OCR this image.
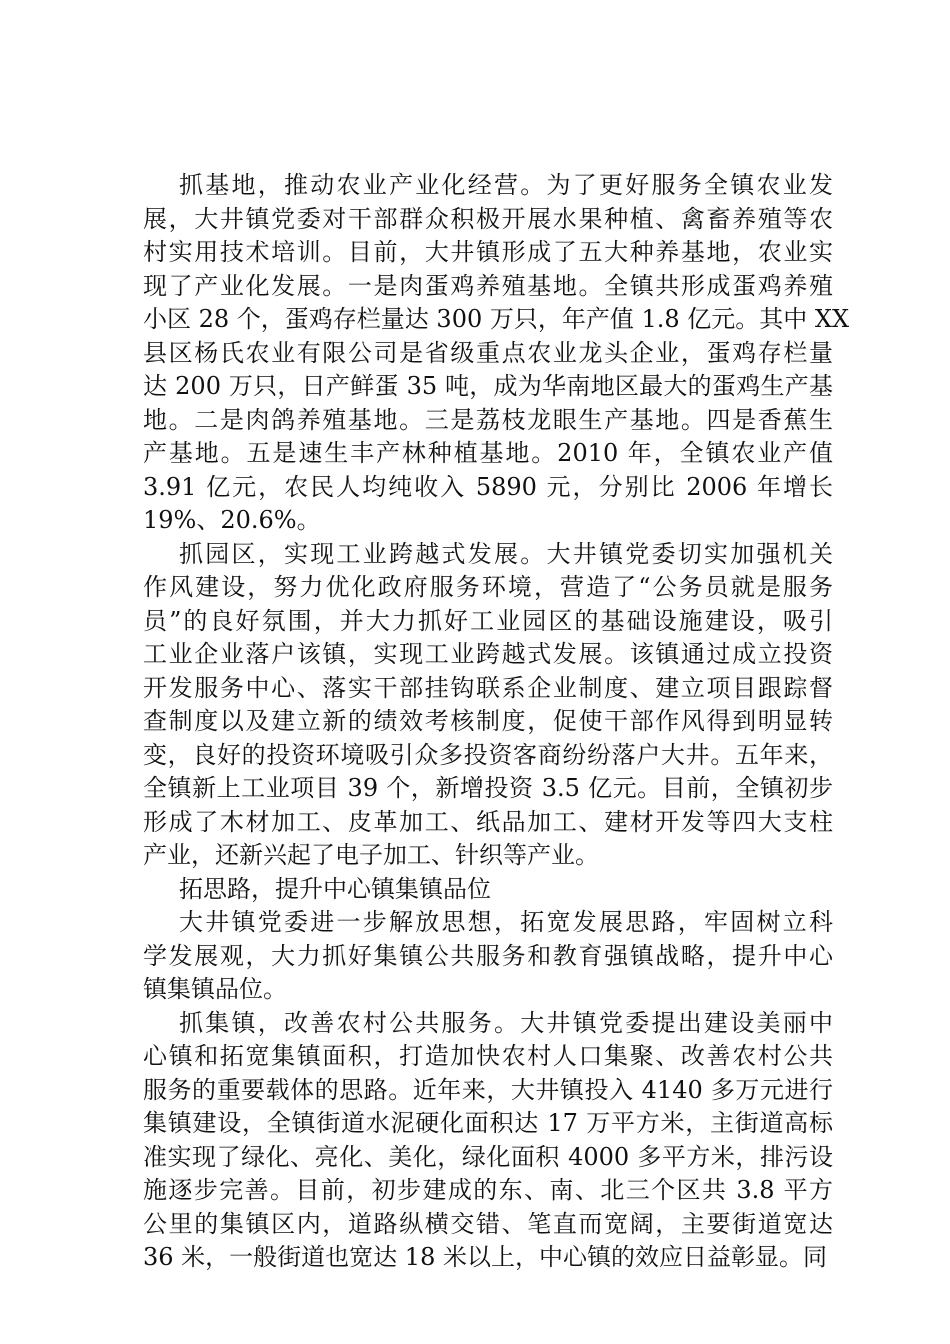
抓基地，推动农业产业化经营。为了更好服务全镇农业发
展，大井镇党委对干部群众积极开展水果种植、禽畜养殖等农
村实用技术培训。目前，大井镇形成了五大种养基地，农业实
现了产业化发展。一是肉蛋鸡养殖基地。全镇共形成蛋鸡养殖
小区 28 个，蛋鸡存栏量达 300 万只，年产值 1.8 亿元。其中 XX
县区杨氏农业有限公司是省级重点农业龙头企业，蛋鸡存栏量
达 200 万只，日产鲜蛋 35 吨，成为华南地区最大的蛋鸡生产基
地。二是肉鸽养殖基地。三是荔枝龙眼生产基地。四是香蕉生
产基地。五是速生丰产林种植基地。2010 年，全镇农业产值
3.91 亿元，农民人均纯收入 5890 元，分别比 2006 年增长
19%、20.6%。
抓园区，实现工业跨越式发展。大井镇党委切实加强机关
作风建设，努力优化政府服务环境，营造了“公务员就是服务
员”的良好氛围，并大力抓好工业园区的基础设施建设，吸引
工业企业落户该镇，实现工业跨越式发展。该镇通过成立投资
开发服务中心、落实干部挂钩联系企业制度、建立项目跟踪督
查制度以及建立新的绩效考核制度，促使干部作风得到明显转
变，良好的投资环境吸引众多投资客商纷纷落户大井。五年来，
全镇新上工业项目 39 个，新增投资 3.5 亿元。目前，全镇初步
形成了木材加工、皮革加工、纸品加工、建材开发等四大支柱
产业，还新兴起了电子加工、针织等产业。
拓思路，提升中心镇集镇品位
大井镇党委进一步解放思想，拓宽发展思路，牢固树立科
学发展观，大力抓好集镇公共服务和教育强镇战略，提升中心
镇集镇品位。
抓集镇，改善农村公共服务。大井镇党委提出建设美丽中
心镇和拓宽集镇面积，打造加快农村人口集聚、改善农村公共
服务的重要载体的思路。近年来，大井镇投入 4140 多万元进行
集镇建设，全镇街道水泥硬化面积达 17 万平方米，主街道高标
准实现了绿化、亮化、美化，绿化面积 4000 多平方米，排污设
施逐步完善。目前，初步建成的东、南、北三个区共 3.8 平方
公里的集镇区内，道路纵横交错、笔直而宽阔，主要街道宽达
36 米，一般街道也宽达 18 米以上，中心镇的效应日益彰显。同
